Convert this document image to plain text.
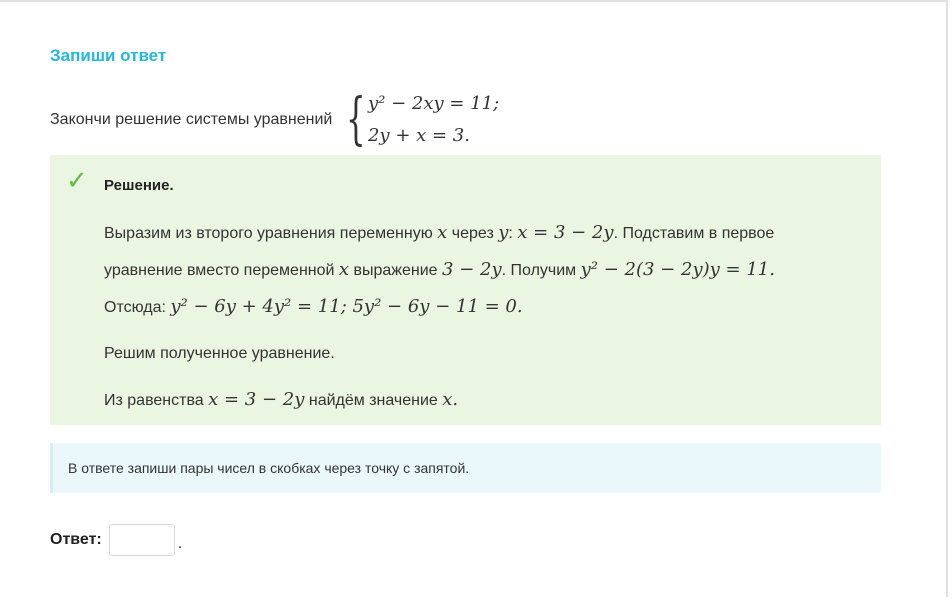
Запиши ответ
Закончи решение системы уравнений { y² − 2xy = 11;
2y + x = 3.
✓ Решение.
Выразим из второго уравнения переменную x через y: x = 3 − 2y. Подставим в первое
уравнение вместо переменной x выражение 3 − 2y. Получим y² − 2(3 − 2y)y = 11.
Отсюда: y² − 6y + 4y² = 11; 5y² − 6y − 11 = 0.
Решим полученное уравнение.
Из равенства x = 3 − 2y найдём значение x.
В ответе запиши пары чисел в скобках через точку с запятой.
Ответ:	.
